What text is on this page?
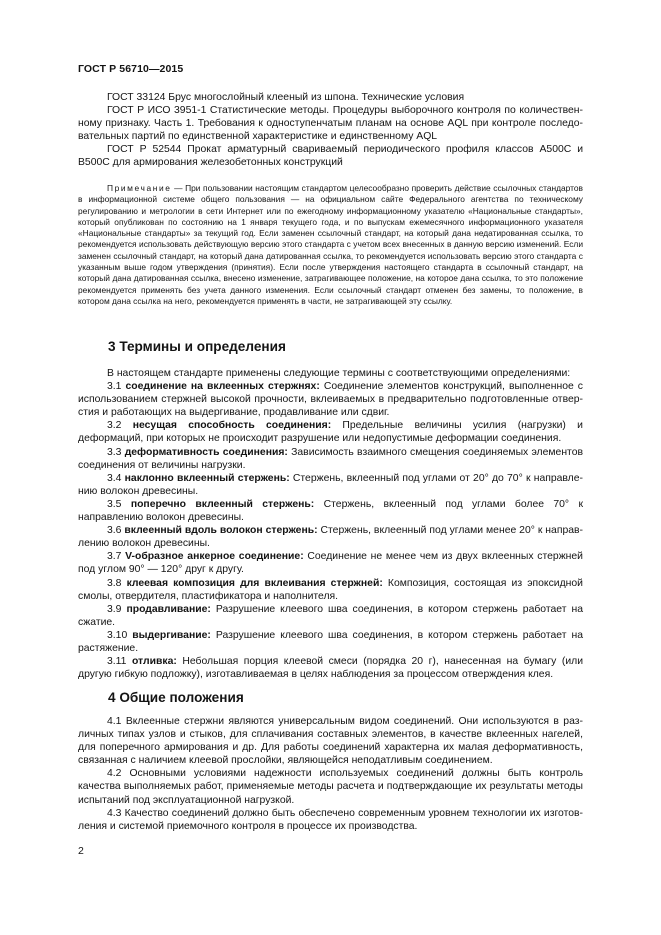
ГОСТ Р 56710—2015

ГОСТ 33124 Брус многослойный клееный из шпона. Технические условия

ГОСТ Р ИСО 3951-1 Статистические методы. Процедуры выборочного контроля по количественному признаку. Часть 1. Требования к одноступенчатым планам на основе AQL при контроле последовательных партий по единственной характеристике и единственному AQL

ГОСТ Р 52544 Прокат арматурный свариваемый периодического профиля классов А500С и В500С для армирования железобетонных конструкций

Примечание — При пользовании настоящим стандартом целесообразно проверить действие ссылочных стандартов в информационной системе общего пользования — на официальном сайте Федерального агентства по техническому регулированию и метрологии в сети Интернет или по ежегодному информационному указателю «Национальные стандарты», который опубликован по состоянию на 1 января текущего года, и по выпускам ежемесячного информационного указателя «Национальные стандарты» за текущий год. Если заменен ссылочный стандарт, на который дана недатированная ссылка, то рекомендуется использовать действующую версию этого стандарта с учетом всех внесенных в данную версию изменений. Если заменен ссылочный стандарт, на который дана датированная ссылка, то рекомендуется использовать версию этого стандарта с указанным выше годом утверждения (принятия). Если после утверждения настоящего стандарта в ссылочный стандарт, на который дана датированная ссылка, внесено изменение, затрагивающее положение, на которое дана ссылка, то это положение рекомендуется применять без учета данного изменения. Если ссылочный стандарт отменен без замены, то положение, в котором дана ссылка на него, рекомендуется применять в части, не затрагивающей эту ссылку.

3 Термины и определения

В настоящем стандарте применены следующие термины с соответствующими определениями:

3.1 соединение на вклеенных стержнях: Соединение элементов конструкций, выполненное с использованием стержней высокой прочности, вклеиваемых в предварительно подготовленные отверстия и работающих на выдергивание, продавливание или сдвиг.

3.2 несущая способность соединения: Предельные величины усилия (нагрузки) и деформаций, при которых не происходит разрушение или недопустимые деформации соединения.

3.3 деформативность соединения: Зависимость взаимного смещения соединяемых элементов соединения от величины нагрузки.

3.4 наклонно вклеенный стержень: Стержень, вклеенный под углами от 20° до 70° к направлению волокон древесины.

3.5 поперечно вклеенный стержень: Стержень, вклеенный под углами более 70° к направлению волокон древесины.

3.6 вклеенный вдоль волокон стержень: Стержень, вклеенный под углами менее 20° к направлению волокон древесины.

3.7 V-образное анкерное соединение: Соединение не менее чем из двух вклеенных стержней под углом 90° — 120° друг к другу.

3.8 клеевая композиция для вклеивания стержней: Композиция, состоящая из эпоксидной смолы, отвердителя, пластификатора и наполнителя.

3.9 продавливание: Разрушение клеевого шва соединения, в котором стержень работает на сжатие.

3.10 выдергивание: Разрушение клеевого шва соединения, в котором стержень работает на растяжение.

3.11 отливка: Небольшая порция клеевой смеси (порядка 20 г), нанесенная на бумагу (или другую гибкую подложку), изготавливаемая в целях наблюдения за процессом отверждения клея.

4 Общие положения

4.1 Вклеенные стержни являются универсальным видом соединений. Они используются в различных типах узлов и стыков, для сплачивания составных элементов, в качестве вклеенных нагелей, для поперечного армирования и др. Для работы соединений характерна их малая деформативность, связанная с наличием клеевой прослойки, являющейся неподатливым соединением.

4.2 Основными условиями надежности используемых соединений должны быть контроль качества выполняемых работ, применяемые методы расчета и подтверждающие их результаты методы испытаний под эксплуатационной нагрузкой.

4.3 Качество соединений должно быть обеспечено современным уровнем технологии их изготовления и системой приемочного контроля в процессе их производства.

2
